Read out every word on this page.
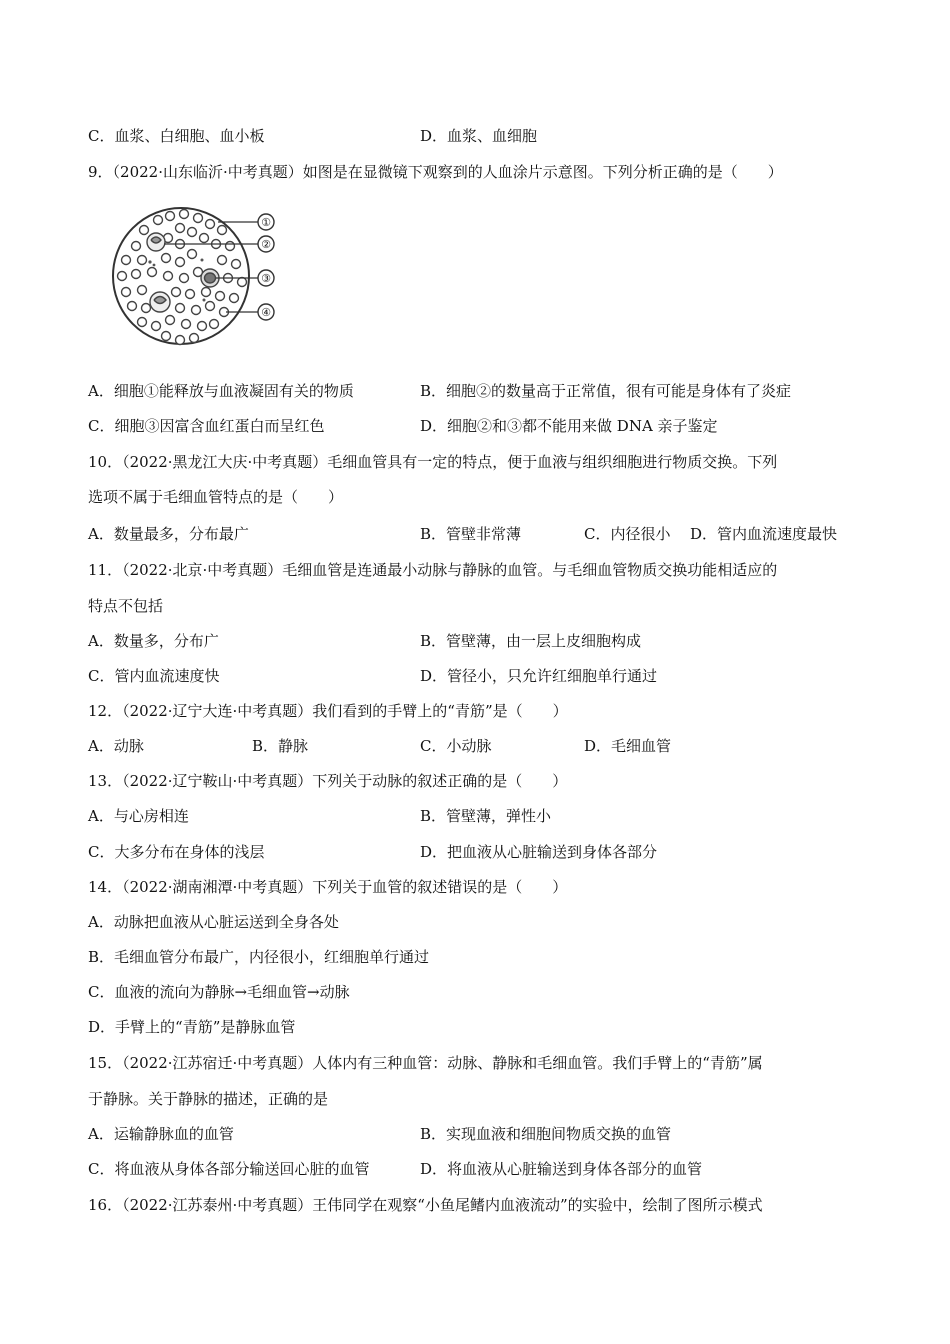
C．血浆、白细胞、血小板	D．血浆、血细胞
9．（2022·山东临沂·中考真题）如图是在显微镜下观察到的人血涂片示意图。下列分析正确的是（　　）
①
②
③
④
A．细胞①能释放与血液凝固有关的物质	B．细胞②的数量高于正常值，很有可能是身体有了炎症
C．细胞③因富含血红蛋白而呈红色	D．细胞②和③都不能用来做 DNA 亲子鉴定
10．（2022·黑龙江大庆·中考真题）毛细血管具有一定的特点，便于血液与组织细胞进行物质交换。下列
选项不属于毛细血管特点的是（　　）
A．数量最多，分布最广	B．管壁非常薄	C．内径很小 D．管内血流速度最快
11．（2022·北京·中考真题）毛细血管是连通最小动脉与静脉的血管。与毛细血管物质交换功能相适应的
特点不包括
A．数量多，分布广	B．管壁薄，由一层上皮细胞构成
C．管内血流速度快	D．管径小，只允许红细胞单行通过
12．（2022·辽宁大连·中考真题）我们看到的手臂上的“青筋”是（　　）
A．动脉	B．静脉	C．小动脉	D．毛细血管
13．（2022·辽宁鞍山·中考真题）下列关于动脉的叙述正确的是（　　）
A．与心房相连	B．管壁薄，弹性小
C．大多分布在身体的浅层	D．把血液从心脏输送到身体各部分
14．（2022·湖南湘潭·中考真题）下列关于血管的叙述错误的是（　　）
A．动脉把血液从心脏运送到全身各处
B．毛细血管分布最广，内径很小，红细胞单行通过
C．血液的流向为静脉→毛细血管→动脉
D．手臂上的“青筋”是静脉血管
15．（2022·江苏宿迁·中考真题）人体内有三种血管：动脉、静脉和毛细血管。我们手臂上的“青筋”属
于静脉。关于静脉的描述，正确的是
A．运输静脉血的血管	B．实现血液和细胞间物质交换的血管
C．将血液从身体各部分输送回心脏的血管	D．将血液从心脏输送到身体各部分的血管
16．（2022·江苏泰州·中考真题）王伟同学在观察“小鱼尾鳍内血液流动”的实验中，绘制了图所示模式
